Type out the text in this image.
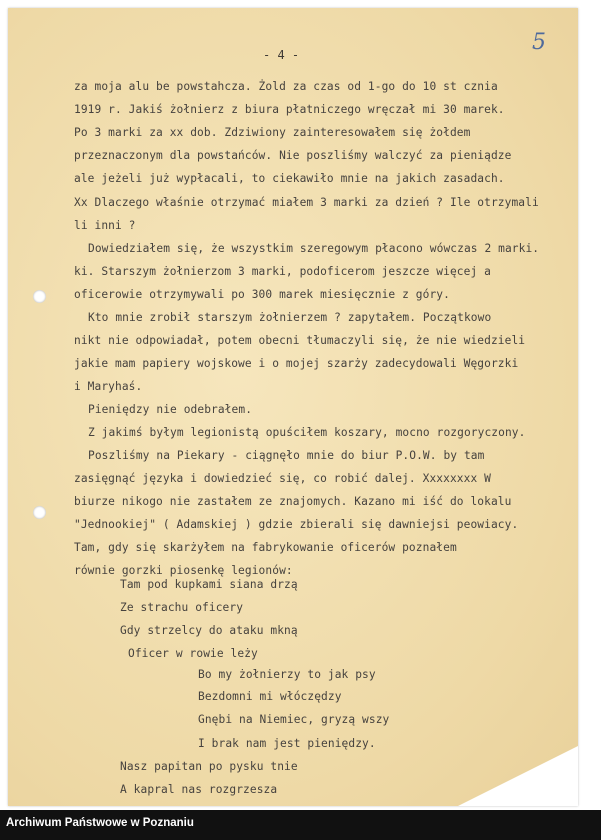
- 4 -	5
za moja alu be powstahcza. Żold za czas od 1-go do 10 st cznia
1919 r. Jakiś żołnierz z biura płatniczego wręczał mi 30 marek.
Po 3 marki za xx dob. Zdziwiony zainteresowałem się żołdem
przeznaczonym dla powstańców. Nie poszliśmy walczyć za pieniądze
ale jeżeli już wypłacali, to ciekawiło mnie na jakich zasadach.
Xx Dlaczego właśnie otrzymać miałem 3 marki za dzień ? Ile otrzymali
li inni ?
Dowiedziałem się, że wszystkim szeregowym płacono wówczas 2 marki.
ki. Starszym żołnierzom 3 marki, podoficerom jeszcze więcej a
oficerowie otrzymywali po 300 marek miesięcznie z góry.
Kto mnie zrobił starszym żołnierzem ? zapytałem. Początkowo
nikt nie odpowiadał, potem obecni tłumaczyli się, że nie wiedzieli
jakie mam papiery wojskowe i o mojej szarży zadecydowali Węgorzki
i Maryhaś.
Pieniędzy nie odebrałem.
Z jakimś byłym legionistą opuściłem koszary, mocno rozgoryczony.
Poszliśmy na Piekary - ciągnęło mnie do biur P.O.W. by tam
zasięgnąć języka i dowiedzieć się, co robić dalej. Xxxxxxxx W
biurze nikogo nie zastałem ze znajomych. Kazano mi iść do lokalu
"Jednookiej" ( Adamskiej ) gdzie zbierali się dawniejsi peowiacy.
Tam, gdy się skarżyłem na fabrykowanie oficerów poznałem
równie gorzki piosenkę legionów:
Tam pod kupkami siana drzą
Ze strachu oficery
Gdy strzelcy do ataku mkną
Oficer w rowie leży
Bo my żołnierzy to jak psy
Bezdomni mi włóczędzy
Gnębi na Niemiec, gryzą wszy
I brak nam jest pieniędzy.
Nasz papitan po pysku tnie
A kapral nas rozgrzesza
Archiwum Państwowe w Poznaniu
